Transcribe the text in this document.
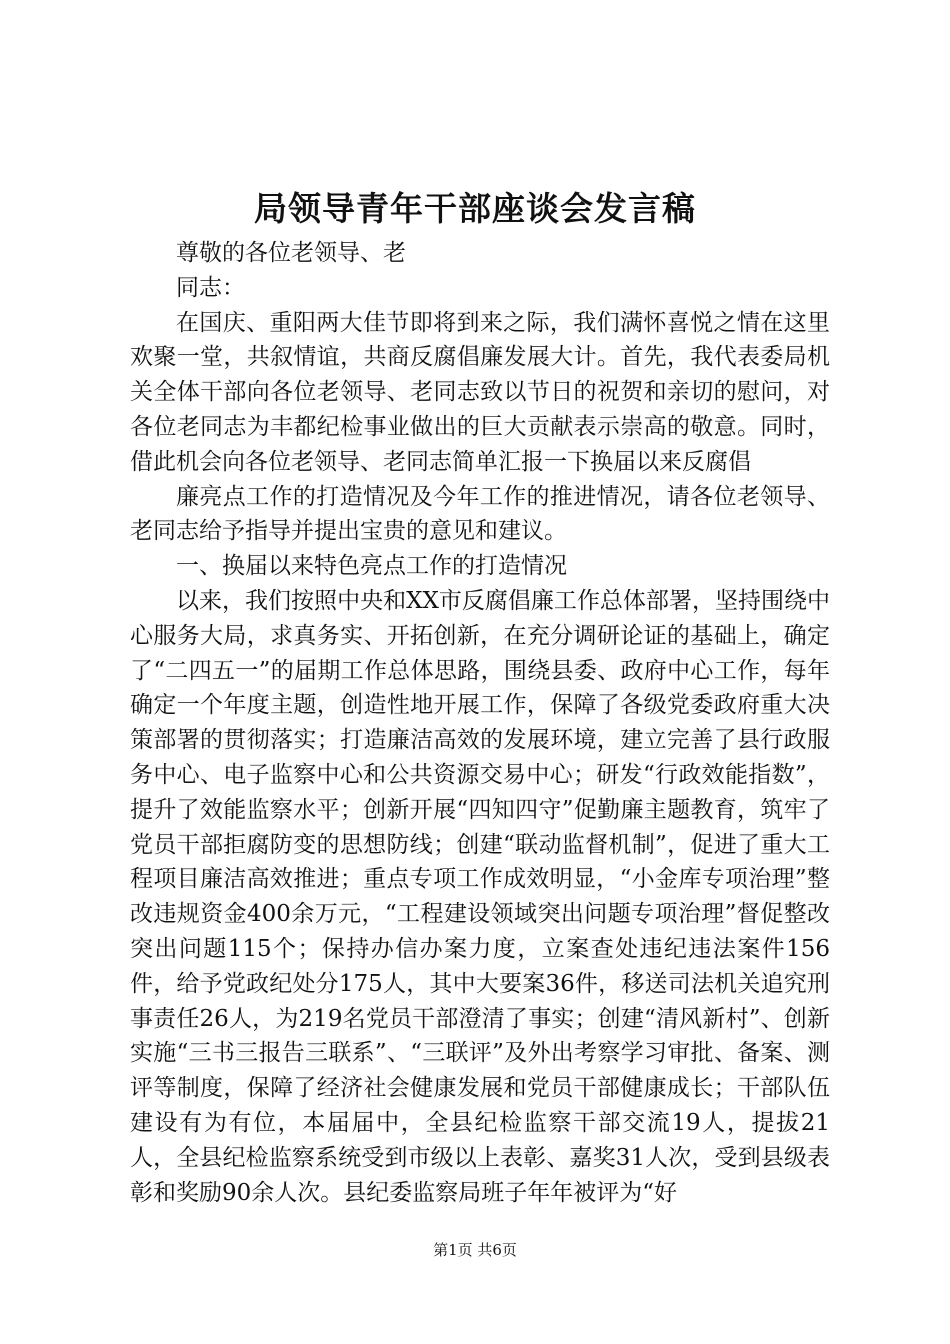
局领导青年干部座谈会发言稿

尊敬的各位老领导、老

同志：

在国庆、重阳两大佳节即将到来之际，我们满怀喜悦之情在这里欢聚一堂，共叙情谊，共商反腐倡廉发展大计。首先，我代表委局机关全体干部向各位老领导、老同志致以节日的祝贺和亲切的慰问，对各位老同志为丰都纪检事业做出的巨大贡献表示崇高的敬意。同时，借此机会向各位老领导、老同志简单汇报一下换届以来反腐倡

廉亮点工作的打造情况及今年工作的推进情况，请各位老领导、老同志给予指导并提出宝贵的意见和建议。

一、换届以来特色亮点工作的打造情况

以来，我们按照中央和XX市反腐倡廉工作总体部署，坚持围绕中心服务大局，求真务实、开拓创新，在充分调研论证的基础上，确定了“二四五一”的届期工作总体思路，围绕县委、政府中心工作，每年确定一个年度主题，创造性地开展工作，保障了各级党委政府重大决策部署的贯彻落实；打造廉洁高效的发展环境，建立完善了县行政服务中心、电子监察中心和公共资源交易中心；研发“行政效能指数”，提升了效能监察水平；创新开展“四知四守”促勤廉主题教育，筑牢了党员干部拒腐防变的思想防线；创建“联动监督机制”，促进了重大工程项目廉洁高效推进；重点专项工作成效明显，“小金库专项治理”整改违规资金400余万元，“工程建设领域突出问题专项治理”督促整改突出问题115个；保持办信办案力度，立案查处违纪违法案件156件，给予党政纪处分175人，其中大要案36件，移送司法机关追究刑事责任26人，为219名党员干部澄清了事实；创建“清风新村”、创新实施“三书三报告三联系”、“三联评”及外出考察学习审批、备案、测评等制度，保障了经济社会健康发展和党员干部健康成长；干部队伍建设有为有位，本届届中，全县纪检监察干部交流19人，提拔21人，全县纪检监察系统受到市级以上表彰、嘉奖31人次，受到县级表彰和奖励90余人次。县纪委监察局班子年年被评为“好

第1页 共6页
